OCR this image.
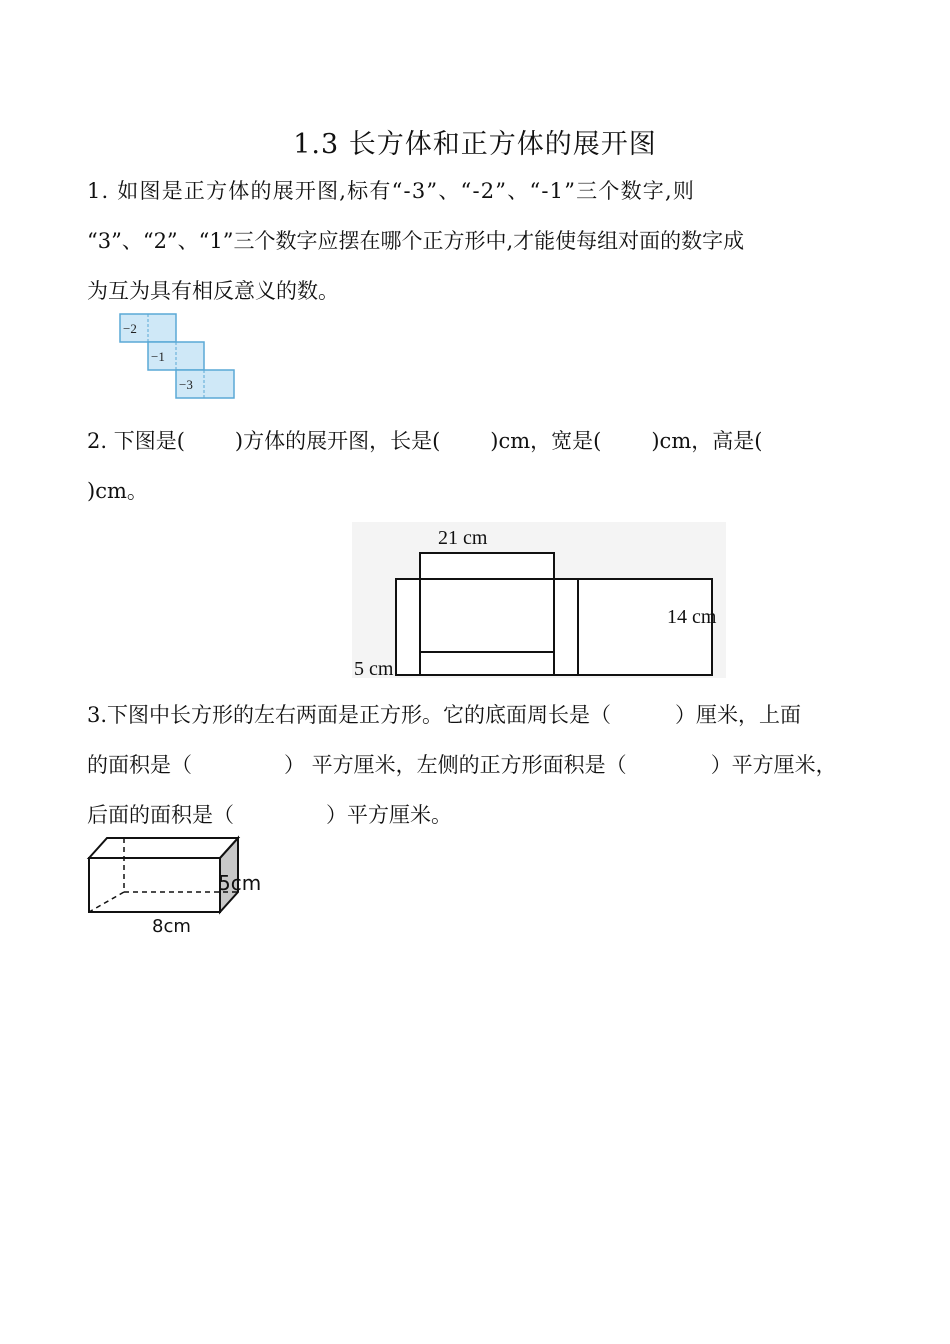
1.3 长方体和正方体的展开图
1. 如图是正方体的展开图,标有“-3”、“-2”、“-1”三个数字,则
“3”、“2”、“1”三个数字应摆在哪个正方形中,才能使每组对面的数字成
为互为具有相反意义的数。
−2
−1
−3
2. 下图是( )方体的展开图，长是( )cm，宽是( )cm，高是(
)cm。
21 cm
14 cm
5 cm
3.下图中长方形的左右两面是正方形。它的底面周长是（	）厘米，上面
的面积是（	） 平方厘米，左侧的正方形面积是（	）平方厘米，
后面的面积是（	）平方厘米。
5cm
8cm
